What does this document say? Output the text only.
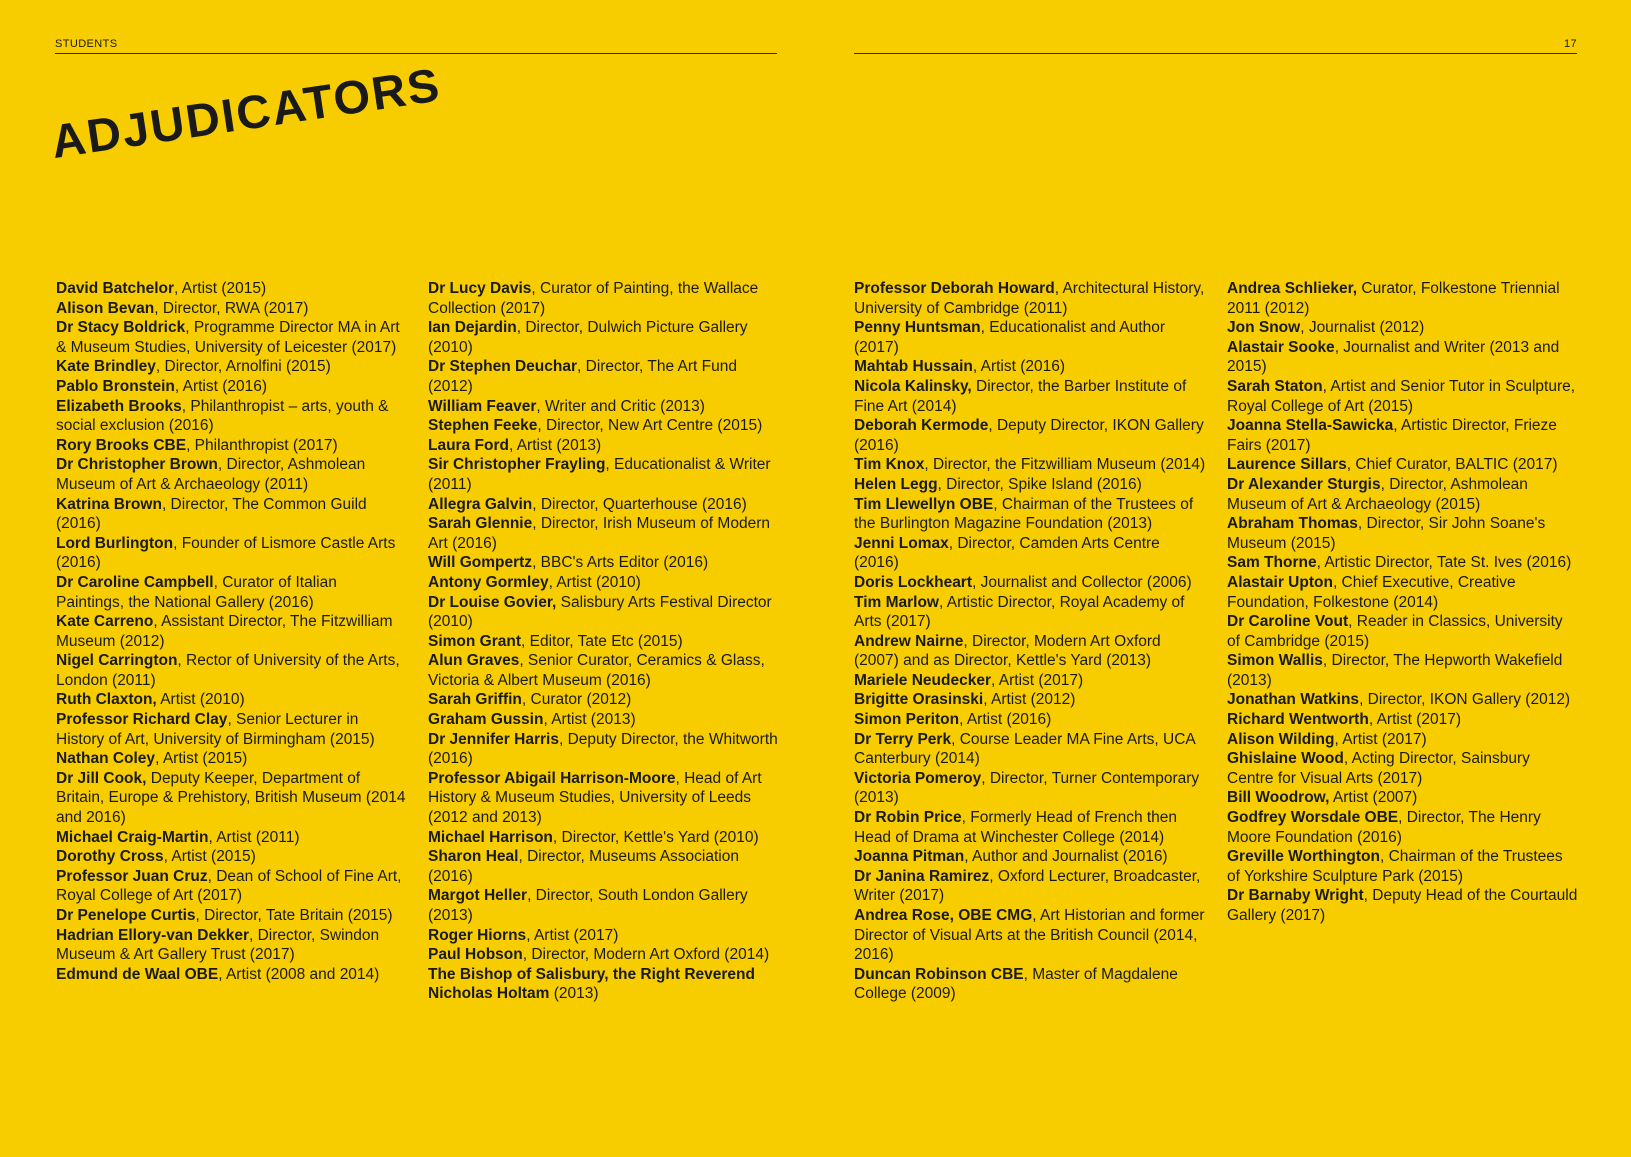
STUDENTS	17
ADJUDICATORS

David Batchelor, Artist (2015)

Alison Bevan, Director, RWA (2017)

Dr Stacy Boldrick, Programme Director MA in Art & Museum Studies, University of Leicester (2017)

Kate Brindley, Director, Arnolfini (2015)

Pablo Bronstein, Artist (2016)

Elizabeth Brooks, Philanthropist – arts, youth & social exclusion (2016)

Rory Brooks CBE, Philanthropist (2017)

Dr Christopher Brown, Director, Ashmolean Museum of Art & Archaeology (2011)

Katrina Brown, Director, The Common Guild (2016)

Lord Burlington, Founder of Lismore Castle Arts (2016)

Dr Caroline Campbell, Curator of Italian Paintings, the National Gallery (2016)

Kate Carreno, Assistant Director, The Fitzwilliam Museum (2012)

Nigel Carrington, Rector of University of the Arts, London (2011)

Ruth Claxton, Artist (2010)

Professor Richard Clay, Senior Lecturer in History of Art, University of Birmingham (2015)

Nathan Coley, Artist (2015)

Dr Jill Cook, Deputy Keeper, Department of Britain, Europe & Prehistory, British Museum (2014 and 2016)

Michael Craig-Martin, Artist (2011)

Dorothy Cross, Artist (2015)

Professor Juan Cruz, Dean of School of Fine Art, Royal College of Art (2017)

Dr Penelope Curtis, Director, Tate Britain (2015)

Hadrian Ellory-van Dekker, Director, Swindon Museum & Art Gallery Trust (2017)

Edmund de Waal OBE, Artist (2008 and 2014)

Dr Lucy Davis, Curator of Painting, the Wallace Collection (2017)

Ian Dejardin, Director, Dulwich Picture Gallery (2010)

Dr Stephen Deuchar, Director, The Art Fund (2012)

William Feaver, Writer and Critic (2013)

Stephen Feeke, Director, New Art Centre (2015)

Laura Ford, Artist (2013)

Sir Christopher Frayling, Educationalist & Writer (2011)

Allegra Galvin, Director, Quarterhouse (2016)

Sarah Glennie, Director, Irish Museum of Modern Art (2016)

Will Gompertz, BBC's Arts Editor (2016)

Antony Gormley, Artist (2010)

Dr Louise Govier, Salisbury Arts Festival Director (2010)

Simon Grant, Editor, Tate Etc (2015)

Alun Graves, Senior Curator, Ceramics & Glass, Victoria & Albert Museum (2016)

Sarah Griffin, Curator (2012)

Graham Gussin, Artist (2013)

Dr Jennifer Harris, Deputy Director, the Whitworth (2016)

Professor Abigail Harrison-Moore, Head of Art History & Museum Studies, University of Leeds (2012 and 2013)

Michael Harrison, Director, Kettle's Yard (2010)

Sharon Heal, Director, Museums Association (2016)

Margot Heller, Director, South London Gallery (2013)

Roger Hiorns, Artist (2017)

Paul Hobson, Director, Modern Art Oxford (2014)

The Bishop of Salisbury, the Right Reverend Nicholas Holtam (2013)

Professor Deborah Howard, Architectural History, University of Cambridge (2011)

Penny Huntsman, Educationalist and Author (2017)

Mahtab Hussain, Artist (2016)

Nicola Kalinsky, Director, the Barber Institute of Fine Art (2014)

Deborah Kermode, Deputy Director, IKON Gallery (2016)

Tim Knox, Director, the Fitzwilliam Museum (2014)

Helen Legg, Director, Spike Island (2016)

Tim Llewellyn OBE, Chairman of the Trustees of the Burlington Magazine Foundation (2013)

Jenni Lomax, Director, Camden Arts Centre (2016)

Doris Lockheart, Journalist and Collector (2006)

Tim Marlow, Artistic Director, Royal Academy of Arts (2017)

Andrew Nairne, Director, Modern Art Oxford (2007) and as Director, Kettle's Yard (2013)

Mariele Neudecker, Artist (2017)

Brigitte Orasinski, Artist (2012)

Simon Periton, Artist (2016)

Dr Terry Perk, Course Leader MA Fine Arts, UCA Canterbury (2014)

Victoria Pomeroy, Director, Turner Contemporary (2013)

Dr Robin Price, Formerly Head of French then Head of Drama at Winchester College (2014)

Joanna Pitman, Author and Journalist (2016)

Dr Janina Ramirez, Oxford Lecturer, Broadcaster, Writer (2017)

Andrea Rose, OBE CMG, Art Historian and former Director of Visual Arts at the British Council (2014, 2016)

Duncan Robinson CBE, Master of Magdalene College (2009)

Andrea Schlieker, Curator, Folkestone Triennial 2011 (2012)

Jon Snow, Journalist (2012)

Alastair Sooke, Journalist and Writer (2013 and 2015)

Sarah Staton, Artist and Senior Tutor in Sculpture, Royal College of Art (2015)

Joanna Stella-Sawicka, Artistic Director, Frieze Fairs (2017)

Laurence Sillars, Chief Curator, BALTIC (2017)

Dr Alexander Sturgis, Director, Ashmolean Museum of Art & Archaeology (2015)

Abraham Thomas, Director, Sir John Soane's Museum (2015)

Sam Thorne, Artistic Director, Tate St. Ives (2016)

Alastair Upton, Chief Executive, Creative Foundation, Folkestone (2014)

Dr Caroline Vout, Reader in Classics, University of Cambridge (2015)

Simon Wallis, Director, The Hepworth Wakefield (2013)

Jonathan Watkins, Director, IKON Gallery (2012)

Richard Wentworth, Artist (2017)

Alison Wilding, Artist (2017)

Ghislaine Wood, Acting Director, Sainsbury Centre for Visual Arts (2017)

Bill Woodrow, Artist (2007)

Godfrey Worsdale OBE, Director, The Henry Moore Foundation (2016)

Greville Worthington, Chairman of the Trustees of Yorkshire Sculpture Park (2015)

Dr Barnaby Wright, Deputy Head of the Courtauld Gallery (2017)
